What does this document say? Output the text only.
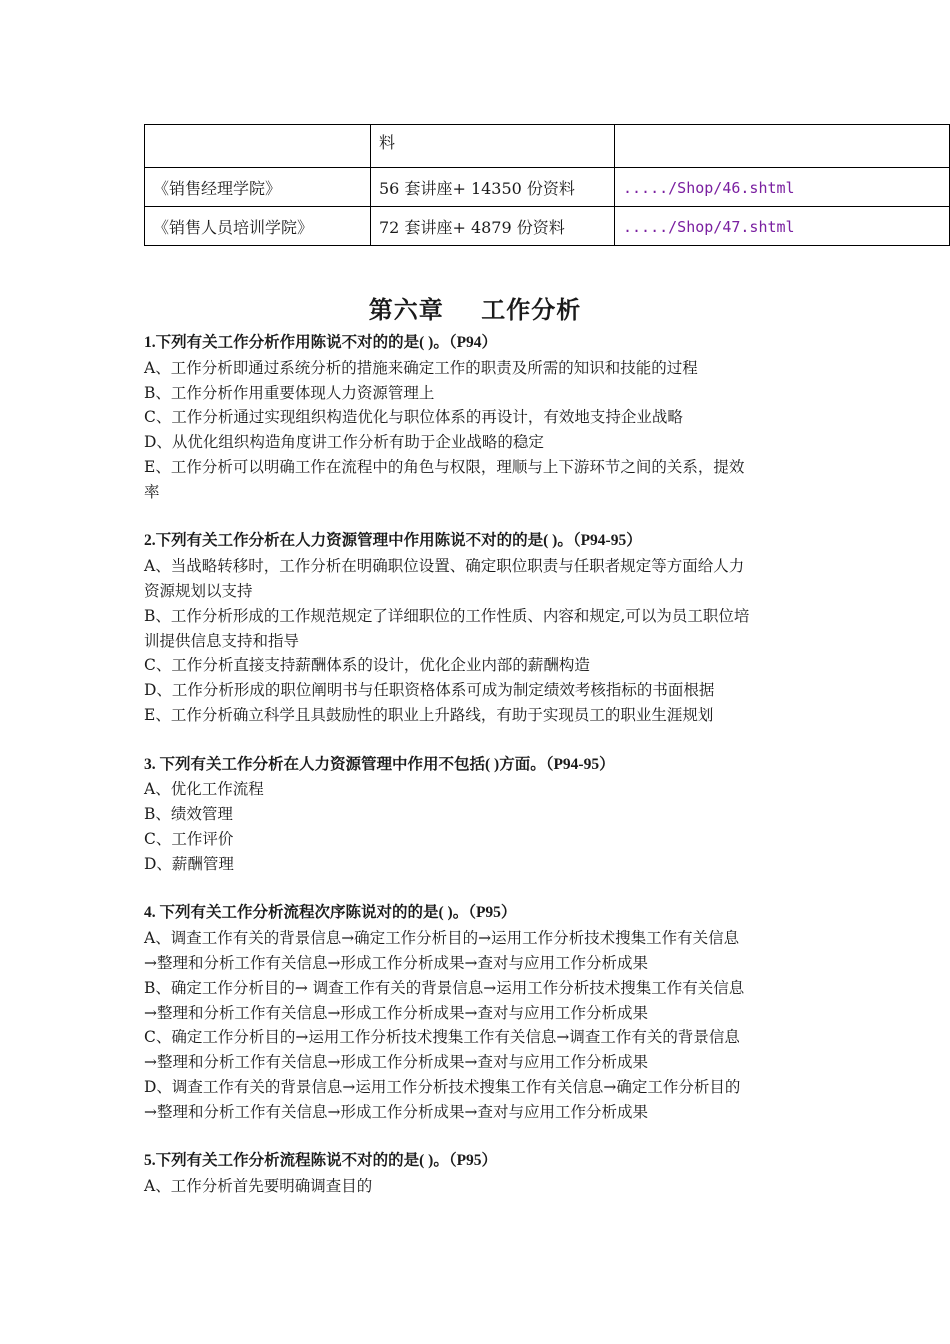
	料	
《销售经理学院》	56 套讲座+ 14350 份资料	...../Shop/46.shtml
《销售人员培训学院》	72 套讲座+ 4879 份资料	...../Shop/47.shtml
第六章    工作分析
1.下列有关工作分析作用陈说不对的的是( )。（P94）
A、工作分析即通过系统分析的措施来确定工作的职责及所需的知识和技能的过程
B、工作分析作用重要体现人力资源管理上
C、工作分析通过实现组织构造优化与职位体系的再设计，有效地支持企业战略
D、从优化组织构造角度讲工作分析有助于企业战略的稳定
E、工作分析可以明确工作在流程中的角色与权限，理顺与上下游环节之间的关系，提效
率
2.下列有关工作分析在人力资源管理中作用陈说不对的的是( )。（P94-95）
A、当战略转移时，工作分析在明确职位设置、确定职位职责与任职者规定等方面给人力
资源规划以支持
B、工作分析形成的工作规范规定了详细职位的工作性质、内容和规定,可以为员工职位培
训提供信息支持和指导
C、工作分析直接支持薪酬体系的设计，优化企业内部的薪酬构造
D、工作分析形成的职位阐明书与任职资格体系可成为制定绩效考核指标的书面根据
E、工作分析确立科学且具鼓励性的职业上升路线，有助于实现员工的职业生涯规划
3. 下列有关工作分析在人力资源管理中作用不包括( )方面。（P94-95）
A、优化工作流程
B、绩效管理
C、工作评价
D、薪酬管理
4. 下列有关工作分析流程次序陈说对的的是( )。（P95）
A、调查工作有关的背景信息→确定工作分析目的→运用工作分析技术搜集工作有关信息
→整理和分析工作有关信息→形成工作分析成果→查对与应用工作分析成果
B、确定工作分析目的→ 调查工作有关的背景信息→运用工作分析技术搜集工作有关信息
→整理和分析工作有关信息→形成工作分析成果→查对与应用工作分析成果
C、确定工作分析目的→运用工作分析技术搜集工作有关信息→调查工作有关的背景信息
→整理和分析工作有关信息→形成工作分析成果→查对与应用工作分析成果
D、调查工作有关的背景信息→运用工作分析技术搜集工作有关信息→确定工作分析目的
→整理和分析工作有关信息→形成工作分析成果→查对与应用工作分析成果
5.下列有关工作分析流程陈说不对的的是( )。（P95）
A、工作分析首先要明确调查目的
